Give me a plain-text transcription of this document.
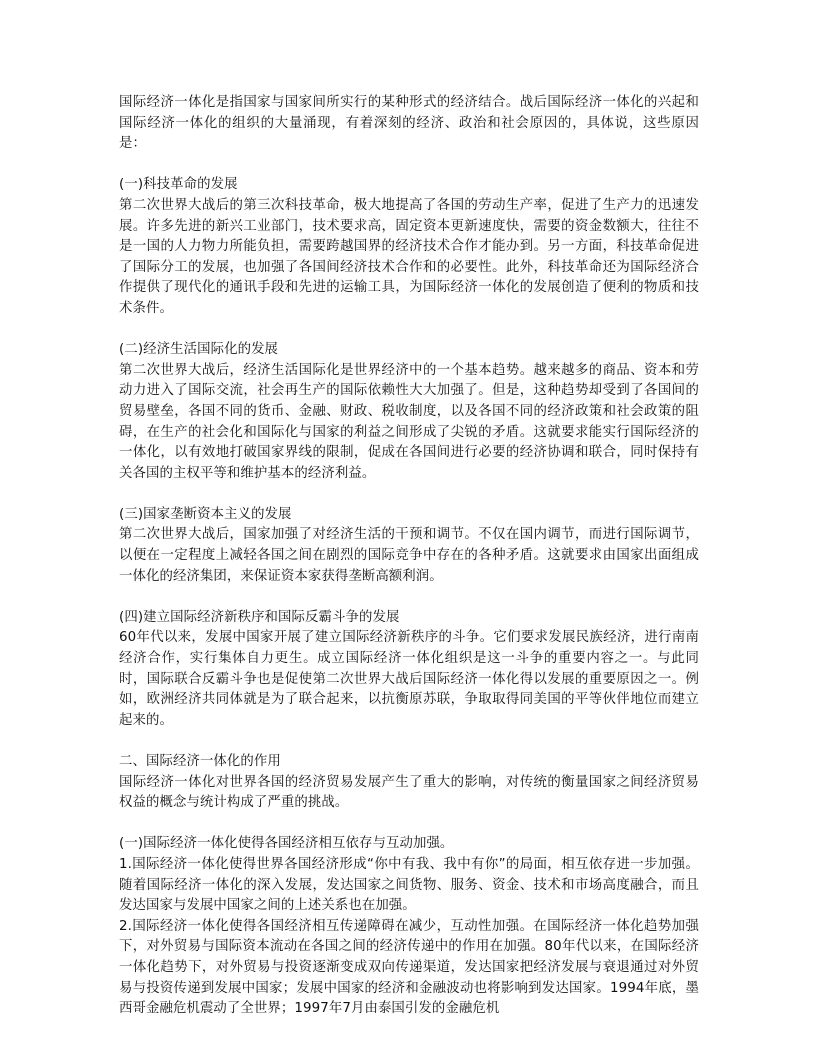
国际经济一体化是指国家与国家间所实行的某种形式的经济结合。战后国际经济一体化的兴起和国际经济一体化的组织的大量涌现，有着深刻的经济、政治和社会原因的，具体说，这些原因是：

(一)科技革命的发展

第二次世界大战后的第三次科技革命，极大地提高了各国的劳动生产率，促进了生产力的迅速发展。许多先进的新兴工业部门，技术要求高，固定资本更新速度快，需要的资金数额大，往往不是一国的人力物力所能负担，需要跨越国界的经济技术合作才能办到。另一方面，科技革命促进了国际分工的发展，也加强了各国间经济技术合作和的必要性。此外，科技革命还为国际经济合作提供了现代化的通讯手段和先进的运输工具，为国际经济一体化的发展创造了便利的物质和技术条件。

(二)经济生活国际化的发展

第二次世界大战后，经济生活国际化是世界经济中的一个基本趋势。越来越多的商品、资本和劳动力进入了国际交流，社会再生产的国际依赖性大大加强了。但是，这种趋势却受到了各国间的贸易壁垒，各国不同的货币、金融、财政、税收制度，以及各国不同的经济政策和社会政策的阻碍，在生产的社会化和国际化与国家的利益之间形成了尖锐的矛盾。这就要求能实行国际经济的一体化，以有效地打破国家界线的限制，促成在各国间进行必要的经济协调和联合，同时保持有关各国的主权平等和维护基本的经济利益。

(三)国家垄断资本主义的发展

第二次世界大战后，国家加强了对经济生活的干预和调节。不仅在国内调节，而进行国际调节，以便在一定程度上减轻各国之间在剧烈的国际竞争中存在的各种矛盾。这就要求由国家出面组成一体化的经济集团，来保证资本家获得垄断高额利润。

(四)建立国际经济新秩序和国际反霸斗争的发展

60年代以来，发展中国家开展了建立国际经济新秩序的斗争。它们要求发展民族经济，进行南南经济合作，实行集体自力更生。成立国际经济一体化组织是这一斗争的重要内容之一。与此同时，国际联合反霸斗争也是促使第二次世界大战后国际经济一体化得以发展的重要原因之一。例如，欧洲经济共同体就是为了联合起来，以抗衡原苏联，争取取得同美国的平等伙伴地位而建立起来的。

二、国际经济一体化的作用

国际经济一体化对世界各国的经济贸易发展产生了重大的影响，对传统的衡量国家之间经济贸易权益的概念与统计构成了严重的挑战。

(一)国际经济一体化使得各国经济相互依存与互动加强。

1.国际经济一体化使得世界各国经济形成“你中有我、我中有你”的局面，相互依存进一步加强。随着国际经济一体化的深入发展，发达国家之间货物、服务、资金、技术和市场高度融合，而且发达国家与发展中国家之间的上述关系也在加强。

2.国际经济一体化使得各国经济相互传递障碍在减少，互动性加强。在国际经济一体化趋势加强下，对外贸易与国际资本流动在各国之间的经济传递中的作用在加强。80年代以来，在国际经济一体化趋势下，对外贸易与投资逐渐变成双向传递渠道，发达国家把经济发展与衰退通过对外贸易与投资传递到发展中国家；发展中国家的经济和金融波动也将影响到发达国家。1994年底，墨西哥金融危机震动了全世界；1997年7月由泰国引发的金融危机
